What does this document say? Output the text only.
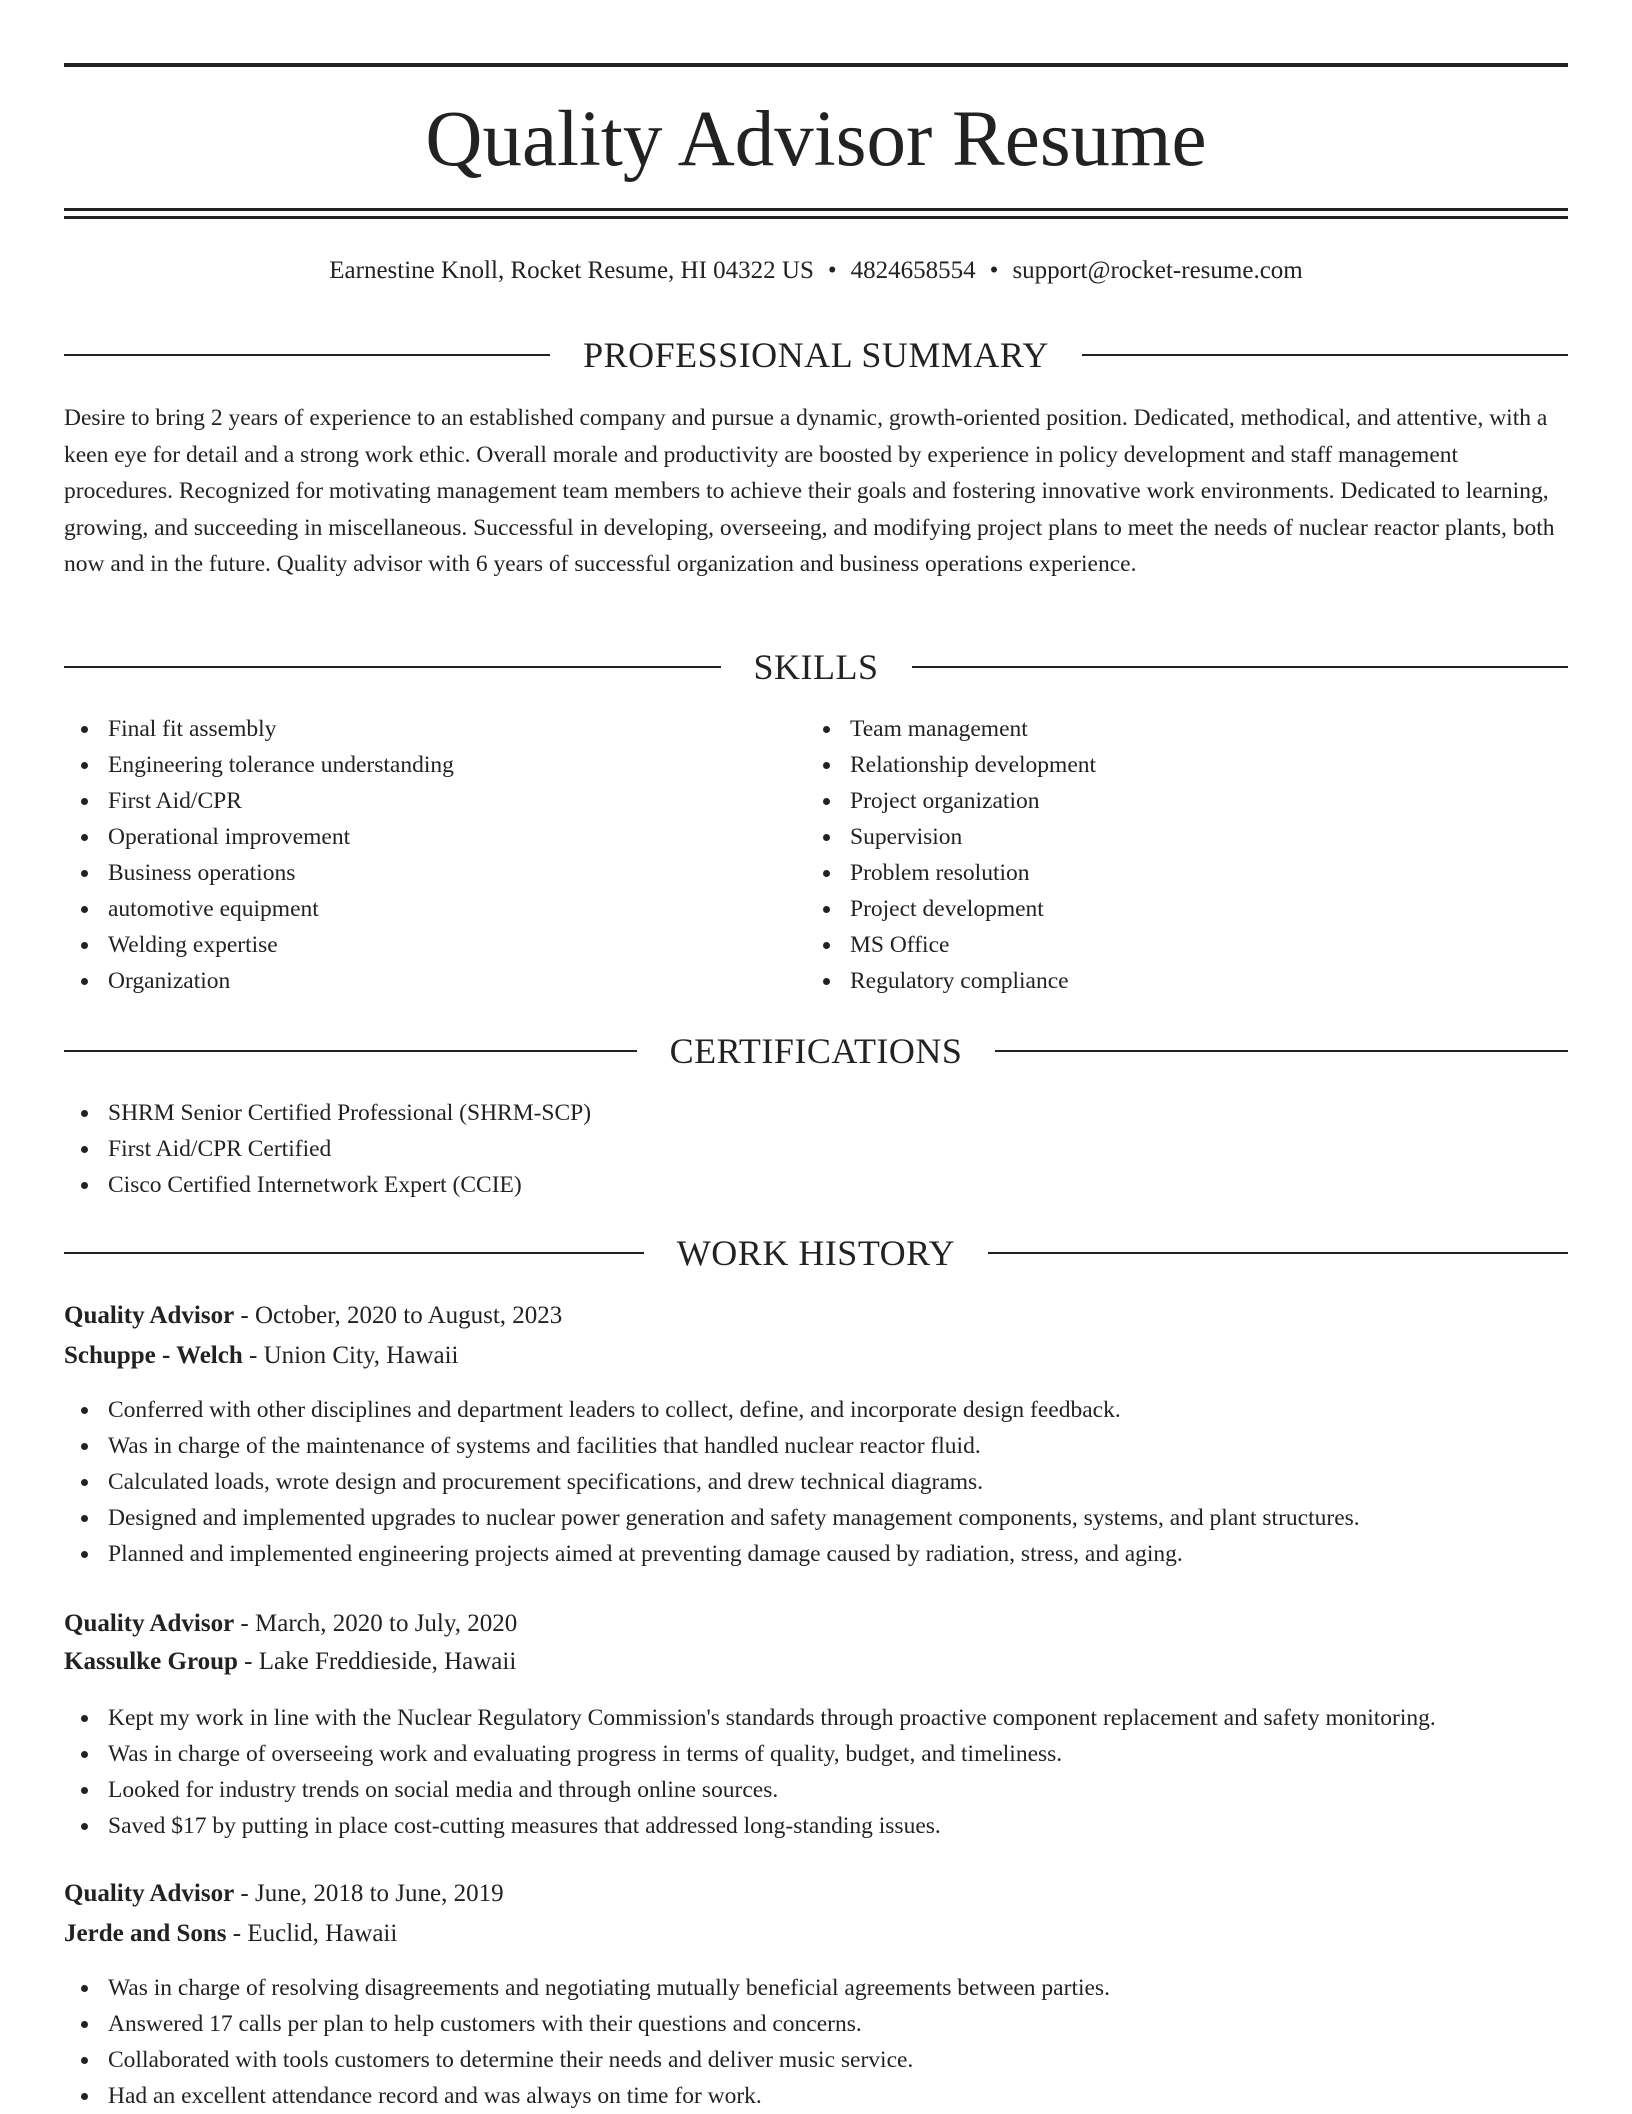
Quality Advisor Resume
Earnestine Knoll, Rocket Resume, HI 04322 US • 4824658554 • support@rocket-resume.com
PROFESSIONAL SUMMARY

Desire to bring 2 years of experience to an established company and pursue a dynamic, growth-oriented position. Dedicated, methodical, and attentive, with a keen eye for detail and a strong work ethic. Overall morale and productivity are boosted by experience in policy development and staff management procedures. Recognized for motivating management team members to achieve their goals and fostering innovative work environments. Dedicated to learning, growing, and succeeding in miscellaneous. Successful in developing, overseeing, and modifying project plans to meet the needs of nuclear reactor plants, both now and in the future. Quality advisor with 6 years of successful organization and business operations experience.

SKILLS
Final fit assembly
Engineering tolerance understanding
First Aid/CPR
Operational improvement
Business operations
automotive equipment
Welding expertise
Organization
Team management
Relationship development
Project organization
Supervision
Problem resolution
Project development
MS Office
Regulatory compliance
CERTIFICATIONS
SHRM Senior Certified Professional (SHRM-SCP)
First Aid/CPR Certified
Cisco Certified Internetwork Expert (CCIE)
WORK HISTORY
Quality Advisor - October, 2020 to August, 2023
Schuppe - Welch - Union City, Hawaii
Conferred with other disciplines and department leaders to collect, define, and incorporate design feedback.
Was in charge of the maintenance of systems and facilities that handled nuclear reactor fluid.
Calculated loads, wrote design and procurement specifications, and drew technical diagrams.
Designed and implemented upgrades to nuclear power generation and safety management components, systems, and plant structures.
Planned and implemented engineering projects aimed at preventing damage caused by radiation, stress, and aging.
Quality Advisor - March, 2020 to July, 2020
Kassulke Group - Lake Freddieside, Hawaii
Kept my work in line with the Nuclear Regulatory Commission's standards through proactive component replacement and safety monitoring.
Was in charge of overseeing work and evaluating progress in terms of quality, budget, and timeliness.
Looked for industry trends on social media and through online sources.
Saved $17 by putting in place cost-cutting measures that addressed long-standing issues.
Quality Advisor - June, 2018 to June, 2019
Jerde and Sons - Euclid, Hawaii
Was in charge of resolving disagreements and negotiating mutually beneficial agreements between parties.
Answered 17 calls per plan to help customers with their questions and concerns.
Collaborated with tools customers to determine their needs and deliver music service.
Had an excellent attendance record and was always on time for work.
